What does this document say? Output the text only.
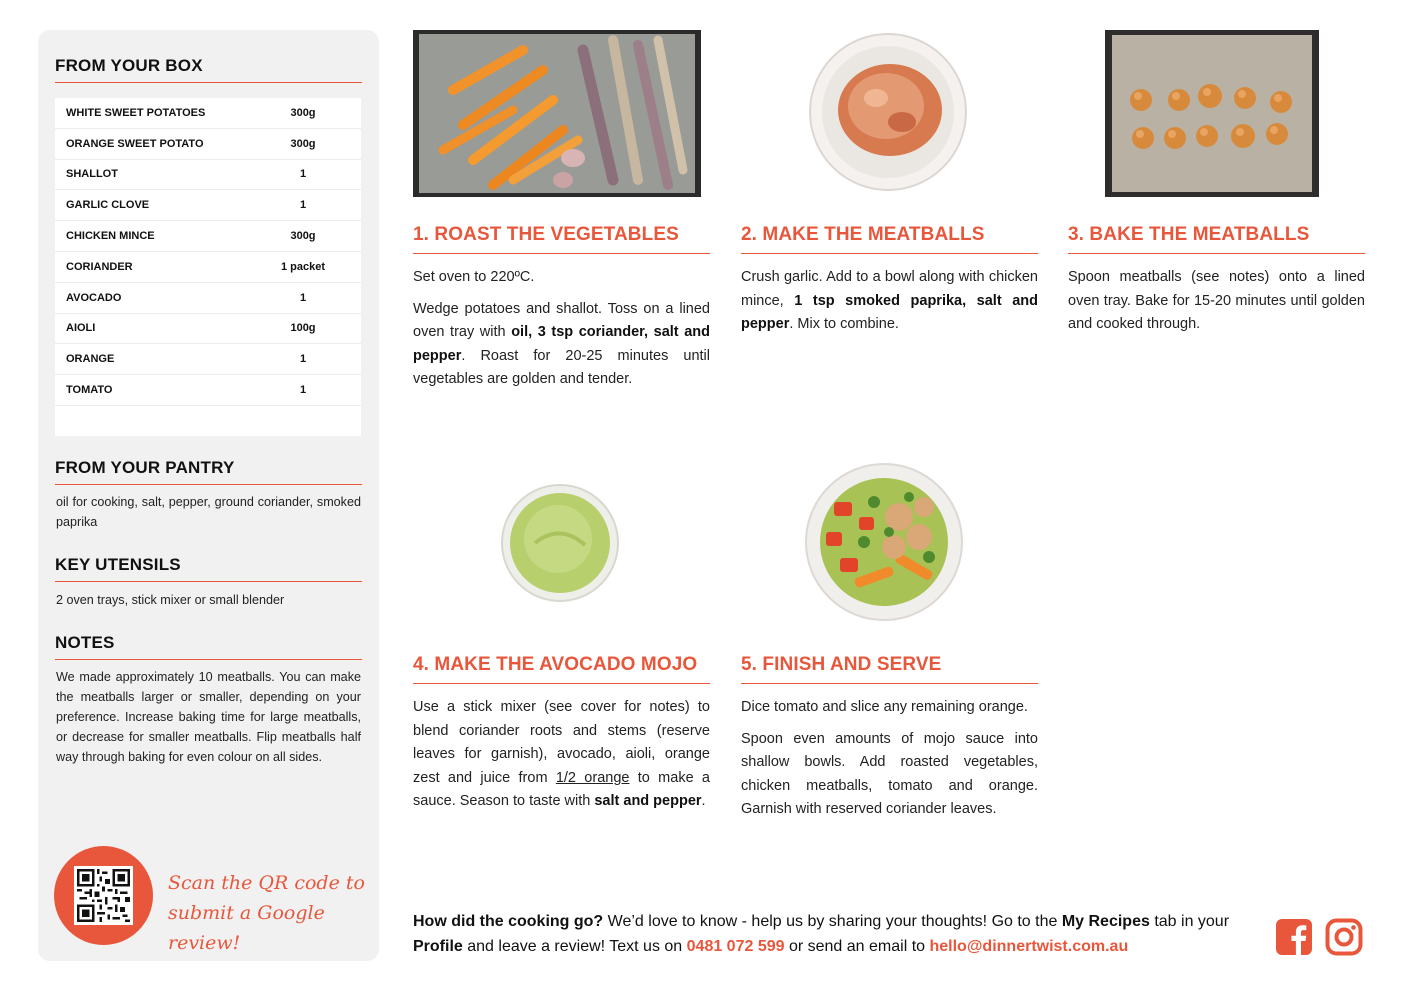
FROM YOUR BOX
WHITE SWEET POTATOES	300g
ORANGE SWEET POTATO	300g
SHALLOT	1
GARLIC CLOVE	1
CHICKEN MINCE	300g
CORIANDER	1 packet
AVOCADO	1
AIOLI	100g
ORANGE	1
TOMATO	1
FROM YOUR PANTRY
oil for cooking, salt, pepper, ground coriander, smoked paprika
KEY UTENSILS
2 oven trays, stick mixer or small blender
NOTES
We made approximately 10 meatballs. You can make the meatballs larger or smaller, depending on your preference. Increase baking time for large meatballs, or decrease for smaller meatballs. Flip meatballs half way through baking for even colour on all sides.
Scan the QR code to
submit a Google review!
1. ROAST THE VEGETABLES

Set oven to 220ºC.

Wedge potatoes and shallot. Toss on a lined oven tray with oil, 3 tsp coriander, salt and pepper. Roast for 20-25 minutes until vegetables are golden and tender.

2. MAKE THE MEATBALLS

Crush garlic. Add to a bowl along with chicken mince, 1 tsp smoked paprika, salt and pepper. Mix to combine.

3. BAKE THE MEATBALLS

Spoon meatballs (see notes) onto a lined oven tray. Bake for 15-20 minutes until golden and cooked through.

4. MAKE THE AVOCADO MOJO

Use a stick mixer (see cover for notes) to blend coriander roots and stems (reserve leaves for garnish), avocado, aioli, orange zest and juice from 1/2 orange to make a sauce. Season to taste with salt and pepper.

5. FINISH AND SERVE

Dice tomato and slice any remaining orange.

Spoon even amounts of mojo sauce into shallow bowls. Add roasted vegetables, chicken meatballs, tomato and orange. Garnish with reserved coriander leaves.

How did the cooking go? We’d love to know - help us by sharing your thoughts! Go to the My Recipes tab in your Profile and leave a review! Text us on 0481 072 599 or send an email to hello@dinnertwist.com.au
